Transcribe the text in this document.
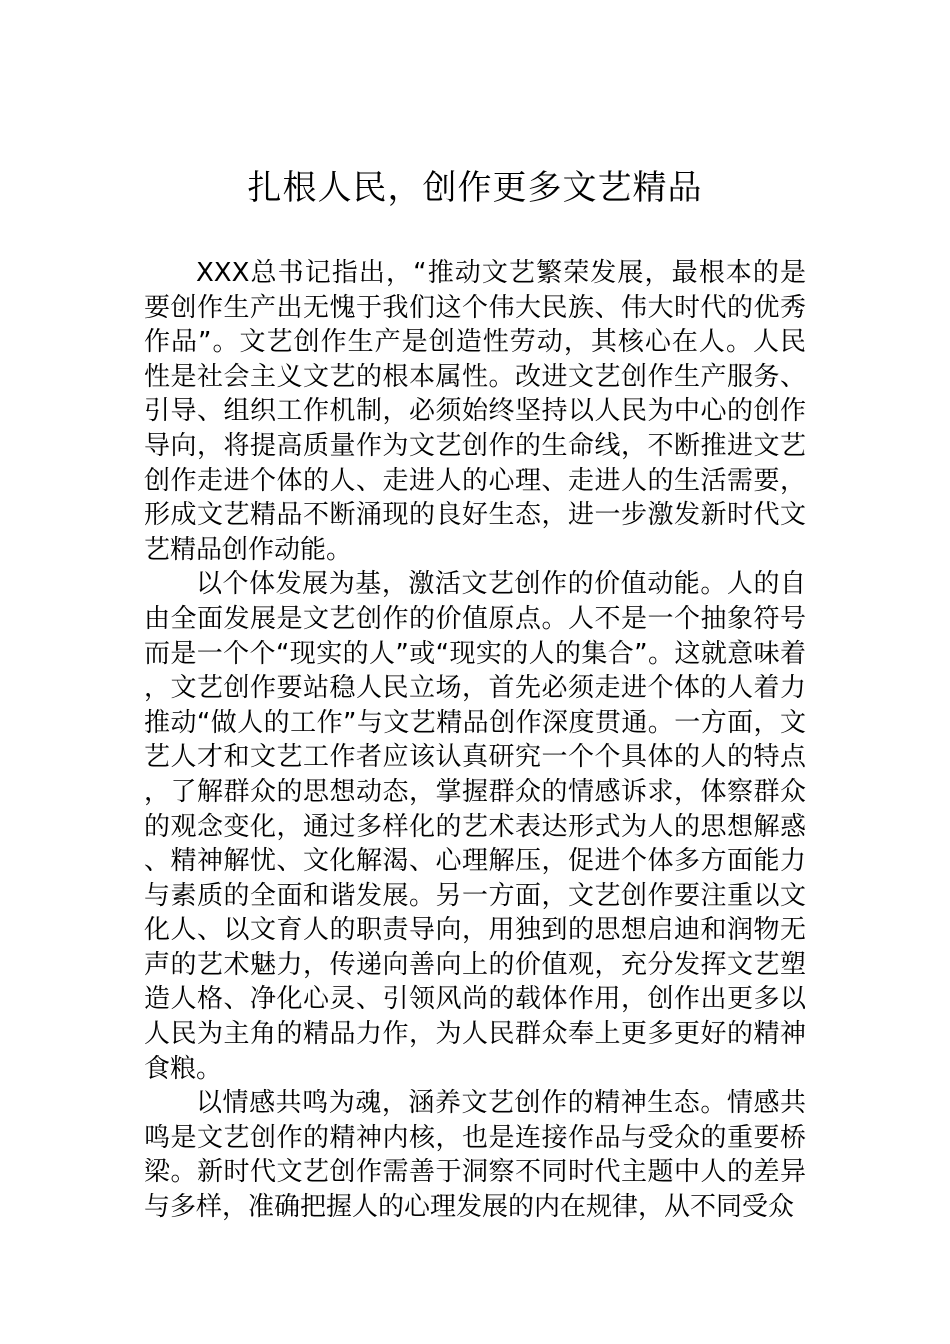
扎根人民，创作更多文艺精品

XXX总书记指出，“推动文艺繁荣发展，最根本的是要创作生产出无愧于我们这个伟大民族、伟大时代的优秀作品”。文艺创作生产是创造性劳动，其核心在人。人民性是社会主义文艺的根本属性。改进文艺创作生产服务、引导、组织工作机制，必须始终坚持以人民为中心的创作导向，将提高质量作为文艺创作的生命线，不断推进文艺创作走进个体的人、走进人的心理、走进人的生活需要，形成文艺精品不断涌现的良好生态，进一步激发新时代文艺精品创作动能。

以个体发展为基，激活文艺创作的价值动能。人的自由全面发展是文艺创作的价值原点。人不是一个抽象符号而是一个个“现实的人”或“现实的人的集合”。这就意味着，文艺创作要站稳人民立场，首先必须走进个体的人着力推动“做人的工作”与文艺精品创作深度贯通。一方面，文艺人才和文艺工作者应该认真研究一个个具体的人的特点，了解群众的思想动态，掌握群众的情感诉求，体察群众的观念变化，通过多样化的艺术表达形式为人的思想解惑、精神解忧、文化解渴、心理解压，促进个体多方面能力与素质的全面和谐发展。另一方面，文艺创作要注重以文化人、以文育人的职责导向，用独到的思想启迪和润物无声的艺术魅力，传递向善向上的价值观，充分发挥文艺塑造人格、净化心灵、引领风尚的载体作用，创作出更多以人民为主角的精品力作，为人民群众奉上更多更好的精神食粮。

以情感共鸣为魂，涵养文艺创作的精神生态。情感共鸣是文艺创作的精神内核，也是连接作品与受众的重要桥梁。新时代文艺创作需善于洞察不同时代主题中人的差异与多样，准确把握人的心理发展的内在规律，从不同受众
